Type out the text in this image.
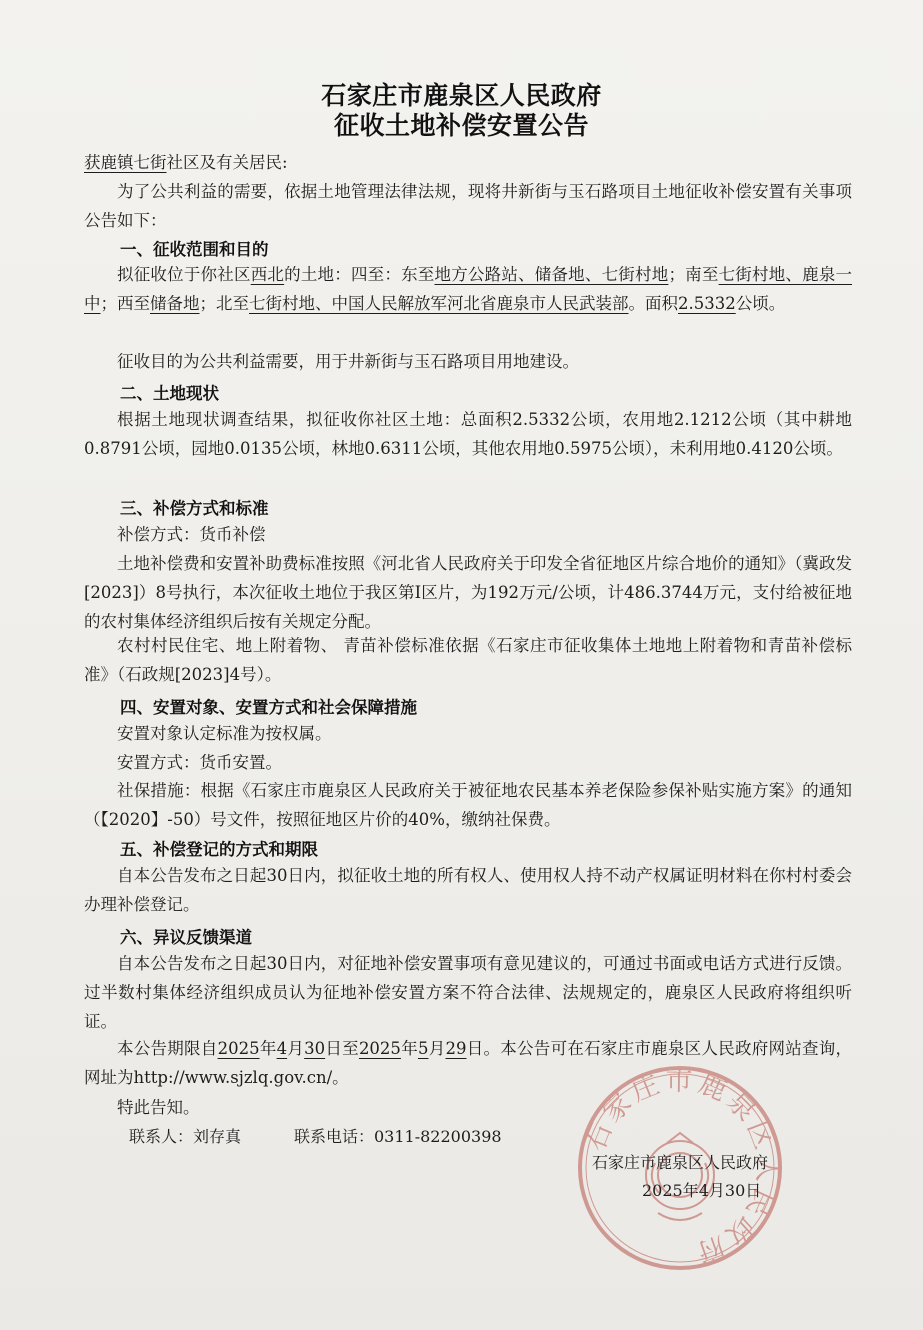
石家庄市鹿泉区人民政府
征收土地补偿安置公告
获鹿镇七街社区及有关居民:
为了公共利益的需要，依据土地管理法律法规，现将井新街与玉石路项目土地征收补偿安置有关事项公告如下：
一、征收范围和目的
拟征收位于你社区西北的土地：四至：东至地方公路站、储备地、七街村地；南至七街村地、鹿泉一中；西至储备地；北至七街村地、中国人民解放军河北省鹿泉市人民武装部。面积2.5332公顷。
征收目的为公共利益需要，用于井新街与玉石路项目用地建设。
二、土地现状
根据土地现状调查结果，拟征收你社区土地：总面积2.5332公顷，农用地2.1212公顷（其中耕地0.8791公顷，园地0.0135公顷，林地0.6311公顷，其他农用地0.5975公顷），未利用地0.4120公顷。
三、补偿方式和标准
补偿方式：货币补偿
土地补偿费和安置补助费标准按照《河北省人民政府关于印发全省征地区片综合地价的通知》（冀政发[2023]）8号执行，本次征收土地位于我区第Ⅰ区片，为192万元/公顷，计486.3744万元，支付给被征地的农村集体经济组织后按有关规定分配。
农村村民住宅、地上附着物、 青苗补偿标准依据《石家庄市征收集体土地地上附着物和青苗补偿标准》（石政规[2023]4号）。
四、安置对象、安置方式和社会保障措施
安置对象认定标准为按权属。
安置方式：货币安置。
社保措施：根据《石家庄市鹿泉区人民政府关于被征地农民基本养老保险参保补贴实施方案》的通知（【2020】-50）号文件，按照征地区片价的40%，缴纳社保费。
五、补偿登记的方式和期限
自本公告发布之日起30日内，拟征收土地的所有权人、使用权人持不动产权属证明材料在你村村委会办理补偿登记。
六、异议反馈渠道
自本公告发布之日起30日内，对征地补偿安置事项有意见建议的，可通过书面或电话方式进行反馈。过半数村集体经济组织成员认为征地补偿安置方案不符合法律、法规规定的，鹿泉区人民政府将组织听证。
本公告期限自2025年4月30日至2025年5月29日。本公告可在石家庄市鹿泉区人民政府网站查询，网址为http://www.sjzlq.gov.cn/。
特此告知。
联系人：刘存真	联系电话：0311-82200398	石家庄市鹿泉区人民政府
石家庄市鹿泉区人民政府
2025年4月30日
